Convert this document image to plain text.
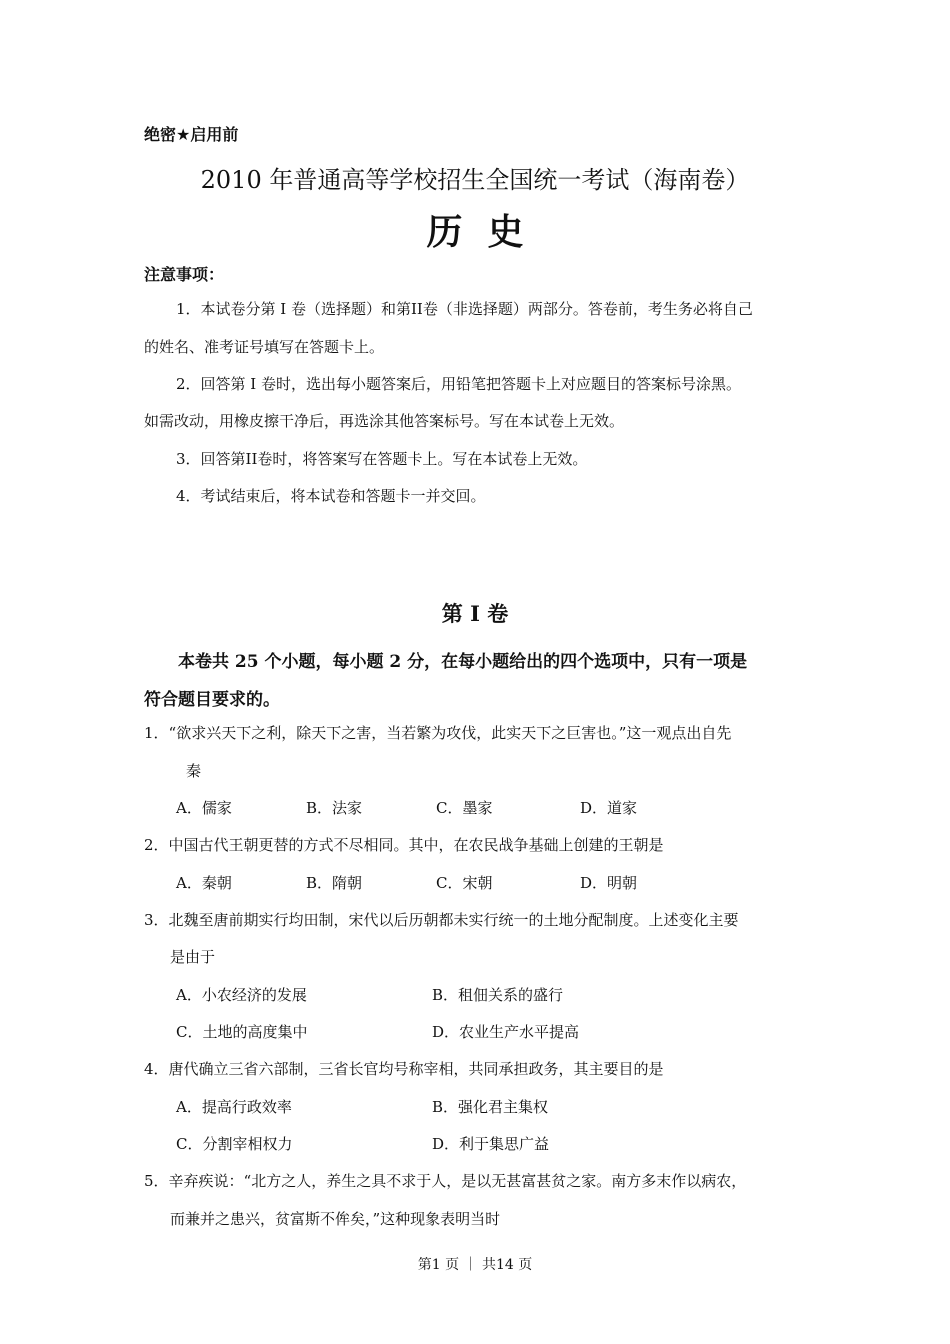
绝密★启用前
2010 年普通高等学校招生全国统一考试（海南卷）
历  史
注意事项：
1．本试卷分第 I 卷（选择题）和第II卷（非选择题）两部分。答卷前，考生务必将自己
的姓名、准考证号填写在答题卡上。
2．回答第 I 卷时，选出每小题答案后，用铅笔把答题卡上对应题目的答案标号涂黑。
如需改动，用橡皮擦干净后，再选涂其他答案标号。写在本试卷上无效。
3．回答第II卷时，将答案写在答题卡上。写在本试卷上无效。
4．考试结束后，将本试卷和答题卡一并交回。
第 I 卷
本卷共 25 个小题，每小题 2 分，在每小题给出的四个选项中，只有一项是
符合题目要求的。
1．“欲求兴天下之利，除天下之害，当若繁为攻伐，此实天下之巨害也。”这一观点出自先
秦
A．儒家	B．法家	C．墨家	D．道家
2．中国古代王朝更替的方式不尽相同。其中，在农民战争基础上创建的王朝是
A．秦朝	B．隋朝	C．宋朝	D．明朝
3．北魏至唐前期实行均田制，宋代以后历朝都未实行统一的土地分配制度。上述变化主要
是由于
A．小农经济的发展	B．租佃关系的盛行
C．土地的高度集中	D．农业生产水平提高
4．唐代确立三省六部制，三省长官均号称宰相，共同承担政务，其主要目的是
A．提高行政效率	B．强化君主集权
C．分割宰相权力	D．利于集思广益
5．辛弃疾说：“北方之人，养生之具不求于人，是以无甚富甚贫之家。南方多末作以病农，
而兼并之患兴，贫富斯不侔矣，”这种现象表明当时
第1 页 ｜ 共14 页
